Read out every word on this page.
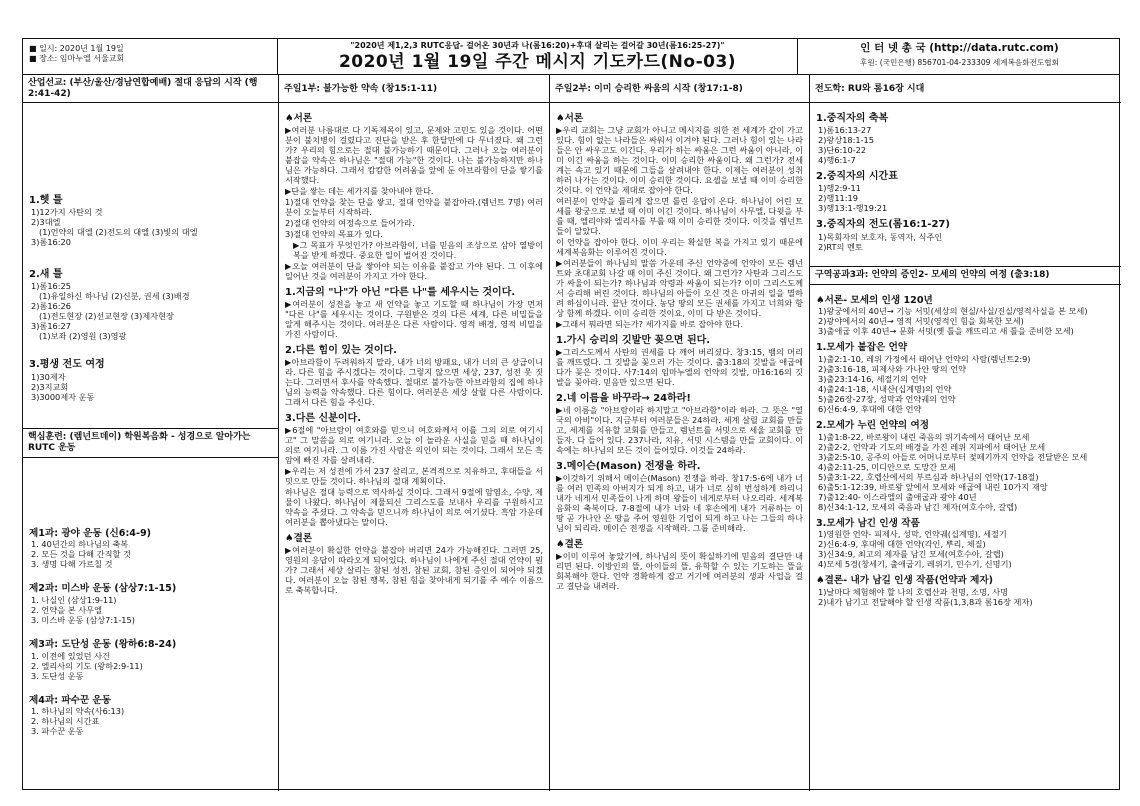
■ 일시: 2020년 1월 19일
■ 장소: 임마누엘 서울교회
"2020년 제1,2,3 RUTC응답- 걸어온 30년과 나(롬16:20)+후대 살리는 걸어갈 30년(롬16:25-27)"
2020년 1월 19일 주간 메시지 기도카드(No-03)
인 터 넷 총 국 (http://data.rutc.com)
후원: (국민은행) 856701-04-233309 세계복음화전도협회
산업선교: (부산/울산/경남연합예배) 절대 응답의 시작 (행2:41-42)
1.헷 틀
1)12가지 사탄의 것
2)3대엘
(1)언약의 대엘 (2)전도의 대엘 (3)빛의 대엘
3)롬16:20
2.새 틀
1)롬16:25
(1)유일하신 하나님 (2)신분, 권세 (3)배경
2)롬16:26
(1)전도현장 (2)선교현장 (3)제자현장
3)롬16:27
(1)보좌 (2)영원 (3)영광
3.평생 전도 여정
1)30제자
2)3지교회
3)3000제자 운동
핵심훈련: (렘넌트데이) 학원복음화 - 성경으로 알아가는 RUTC 운동
제1과: 광야 운동 (신6:4-9)
1. 40년간의 하나님의 축복
2. 모든 것을 다해 간직할 것
3. 생명 다해 가르칠 것
제2과: 미스바 운동 (삼상7:1-15)
1. 나실인 (삼상1:9-11)
2. 언약을 본 사무엘
3. 미스바 운동 (삼상7:1-15)
제3과: 도단성 운동 (왕하6:8-24)
1. 이전에 있었던 사건
2. 엘리사의 기도 (왕하2:9-11)
3. 도단성 운동
제4과: 파수꾼 운동
1. 하나님의 약속(사6:13)
2. 하나님의 시간표
3. 파수꾼 운동
주일1부: 불가능한 약속 (창15:1-11)
♠서론

▶여러분 나름대로 다 기독제목이 있고, 문제와 고민도 있을 것이다. 어떤 분이 불치병이 걸렸다고 진단을 받은 후 한달만에 다 무너졌다. 왜 그런가? 우리의 힘으로는 절대 불가능하기 때문이다. 그러나 오늘 여러분이 붙잡을 약속은 하나님은 "절대 가능"한 것이다. 나는 불가능하지만 하나님은 가능하다. 그래서 캄캄한 어려움을 앞에 둔 아브라함이 단을 쌓기를 시작했다.

▶단을 쌓는 데는 세가지를 찾아내야 한다.

1)절대 언약을 찾는 단을 쌓고, 절대 언약을 붙잡아라.(렘넌트 7명) 여러분이 오늘부터 시작하라.

2)절대 언약의 여정속으로 들어가라.

3)절대 언약의 목표가 있다.

▶그 목표가 무엇인가? 아브라함이, 너를 믿음의 조상으로 삼아 열방이 복을 받게 하겠다. 중요한 일이 벌어진 것이다.

▶오늘 여러분이 단을 쌓아야 되는 이유를 붙잡고 가야 된다. 그 이후에 일어난 것을 여러분이 가지고 가야 한다.

1.지금의 "나"가 아닌 "다른 나"를 세우시는 것이다.

▶여러분이 성전을 놓고 새 언약을 놓고 기도할 때 하나님이 가장 먼저 "다른 나"를 세우시는 것이다. 구원받은 것의 다른 세계, 다른 비밀들을 알게 해주시는 것이다. 여러분은 다른 사람이다. 영적 배경, 영적 비밀을 가진 사람이다.

2.다른 힘이 있는 것이다.

▶아브라함이 두려워하지 말라, 내가 너의 방패요, 내가 너의 큰 상급이니라. 다른 힘을 주시겠다는 것이다. 그렇지 않으면 세상, 237, 성전 못 짓는다. 그러면서 후사를 약속했다. 절대로 불가능한 아브라함의 집에 하나님의 능력을 약속했다. 다른 힘이다. 여러분은 세상 살릴 다른 사람이다. 그래서 다른 힘을 주신다.

3.다른 신분이다.

▶6절에 "아브람이 여호와를 믿으니 여호와께서 이를 그의 의로 여기시고" 그 말씀을 의로 여기니라. 오늘 이 놀라운 사실을 믿을 때 하나님이 의로 여기니라. 그 이름 가진 사람은 의인이 되는 것이다. 그래서 모든 흑암에 빠진 자를 살려내라.

▶우리는 저 성전에 가서 237 살리고, 본격적으로 치유하고, 후대들을 서밋으로 만들 것이다. 하나님의 절대 계획이다.

하나님은 절대 능력으로 역사하실 것이다. 그래서 9절에 암염소, 수양, 제물이 나왔다. 하나님이 제물되신 그리스도를 보내사 우리를 구원하시고 약속을 주셨다. 그 약속을 믿으니까 하나님이 의로 여기셨다. 흑암 가운데 여러분을 뽑아냈다는 말이다.

♠결론

▶여러분이 확실한 언약을 붙잡아 버리면 24가 가능해진다. 그러면 25, 영원의 응답이 따라오게 되어있다. 하나님이 나에게 주신 절대 언약이 뭔가? 그래서 세상 살리는 참된 성전, 참된 교회, 참된 증인이 되어야 되겠다. 여러분이 오늘 참된 행복, 참된 힘을 찾아내게 되기를 주 예수 이름으로 축복합니다.

주일2부: 이미 승리한 싸움의 시작 (창17:1-8)
♠서론

▶우리 교회는 그냥 교회가 아니고 메시지를 위한 전 세계가 같이 가고 있다. 힘이 없는 나라들은 싸워서 이겨야 된다. 그러나 힘이 있는 나라들은 안 싸우고도 이긴다. 우리가 하는 싸움은 그런 싸움이 아니라, 이미 이긴 싸움을 하는 것이다. 이미 승리한 싸움이다. 왜 그런가? 전세계는 속고 있기 때문에 그들을 살려내야 한다. 이제는 여러분이 성취하러 나가는 것이다. 이미 승리한 것이다. 요셉을 보낼 때 이미 승리한 것이다. 이 언약을 제대로 잡아야 한다.

여러분이 언약을 틀리게 잡으면 틀린 응답이 온다. 하나님이 어린 모세를 왕궁으로 보낼 때 이미 이긴 것이다. 하나님이 사무엘, 다윗을 부를 때, 엘리야와 엘리사를 부를 때 이미 승리한 것이다. 이것을 렘넌트들이 알았다.

이 언약을 잡아야 한다. 이미 우리는 확실한 복을 가지고 있기 때문에 세계복음화는 이루어진 것이다.

▶여러분들이 하나님의 말씀 가운데 주신 언약중에 언약이 모든 렘넌트와 초대교회 나갈 때 이미 주신 것이다. 왜 그런가? 사탄과 그리스도가 싸울이 되는가? 하나님과 악령과 싸움이 되는가? 이미 그리스도께서 승리해 버린 것이다. 하나님의 아들이 오신 것은 마귀의 일을 멸하려 하심이니라. 끝난 것이다. 농담 땅의 모든 권세를 가지고 너희와 항상 함께 하겠다. 이미 승리한 것이요, 이미 다 받은 것이다.

▶그래서 뭐라면 되는가? 세가지를 바로 잡아야 한다.

1.가시 승리의 깃발만 꽂으면 된다.

▶그리스도께서 사탄의 권세를 다 깨어 버리셨다. 창3:15, 뱀의 머리를 깨뜨렸다. 그 깃발을 꽂으러 가는 것이다. 출3:18의 깃발을 애굽에다가 꽂은 것이다. 사7:14의 임마누엘의 언약의 깃발, 마16:16의 깃발을 꽂아라. 믿음만 있으면 된다.

2.네 이름을 바꾸라→ 24하라!

▶네 이름을 "아브람이라 하지말고 "아브라함"이라 하라. 그 뜻은 "열국의 아비"이다. 지금부터 여러분들은 24하라. 세계 살릴 교회를 만들고, 세계를 치유할 교회를 만들고, 렘넌트를 서밋으로 세울 교회를 만들자. 다 들어 있다. 237나라, 치유, 서밋 시스템을 만들 교회이다. 이속에는 하나님의 모든 것이 들어있다. 이것들 24하라.

3.메이슨(Mason) 전쟁을 하라.

▶이것하기 위해서 메이슨(Mason) 전쟁을 하라. 창17:5-6에 내가 너를 여러 민족의 아버지가 되게 하고, 내가 너로 심히 번성하게 하리니 내가 네게서 민족들이 나게 하며 왕들이 네게로부터 나오리라. 세계복음화의 축복이다. 7-8절에 내가 너와 네 후손에게 내가 거류하는 이 땅 곧 가나안 온 땅을 주어 영원한 기업이 되게 하고 나는 그들의 하나님이 되리라. 메이슨 전쟁을 시작해라. 그룹 준비해라.

♠결론

▶이미 이루어 놓았기에, 하나님의 뜻이 확실하기에 믿음의 결단만 내리면 된다. 이방인의 뜰, 아이들의 뜰, 유학할 수 있는 기도하는 뜰을 회복해야 한다. 언약 경확하게 잡고 거기에 여러분의 생과 사업을 걸고 결단을 내려라.

전도학: RU와 롬16장 시대
1.중직자의 축복
1)롬16:13-27
2)왕상18:1-15
3)단6:10-22
4)행6:1-7
2.중직자의 시간표
1)행2:9-11
2)행11:19
3)행13:1-행19:21
3.중직자의 전도(롬16:1-27)
1)목회자의 보호자, 동역자, 식주인
2)RT의 멘토
구역공과3과: 언약의 증인2- 모세의 언약의 여정 (출3:18)
♠서론- 모세의 인생 120년
1)왕궁에서의 40년→ 기능 서밋(세상의 현실/사실/진실/영적사실을 본 모세)
2)광야에서의 40년→ 영적 서밋(영적인 힘을 회복한 모세)
3)출애굽 이후 40년→ 문화 서밋(옛 틀을 깨뜨리고 새 틀을 준비한 모세)
1.모세가 붙잡은 언약
1)출2:1-10, 레위 가정에서 태어난 언약의 사람(렘넌트2:9)
2)출3:16-18, 피제사와 가나안 땅의 언약
3)출23:14-16, 세절기의 언약
4)출24:1-18, 시내산(십계명)의 언약
5)출26장-27장, 성막과 언약궤의 언약
6)신6:4-9, 후대에 대한 언약
2.모세가 누린 언약의 여정
1)출1:8-22, 바로왕이 내린 죽음의 위기속에서 태어난 모세
2)출2-2, 언약과 기도의 배경을 가진 레위 지파에서 태어난 모세
3)출2:5-10, 공주의 아들로 어머니로부터 젖떼기까지 언약을 전달받은 모세
4)출2:11-25, 미디안으로 도망간 모세
5)출3:1-22, 호렙산에서의 부르심과 하나님의 언약(17-18절)
6)출5:1-12:39, 바로왕 앞에서 모세와 애굽에 내린 10가지 재앙
7)출12:40- 이스라엘의 출애굽과 광야 40년
8)신34:1-12, 모세의 죽음과 남긴 제자(여호수아, 갈렙)
3.모세가 남긴 인생 작품
1)영원한 언약- 피제사, 성막, 언약궤(십계명), 세절기
2)신6:4-9, 후대에 대한 언약(각인, 뿌리, 체질)
3)신34:9, 최고의 제자를 남긴 모세(여호수아, 갈렙)
4)모세 5경(창세기, 출애굽기, 레위기, 민수기, 신명기)
♠결론- 내가 남길 인생 작품(언약과 제자)
1)날마다 체험해야 할 나의 호렙산과 천명, 소명, 사명
2)내가 남기고 전달해야 할 인생 작품(1,3,8과 롬16장 제자)
